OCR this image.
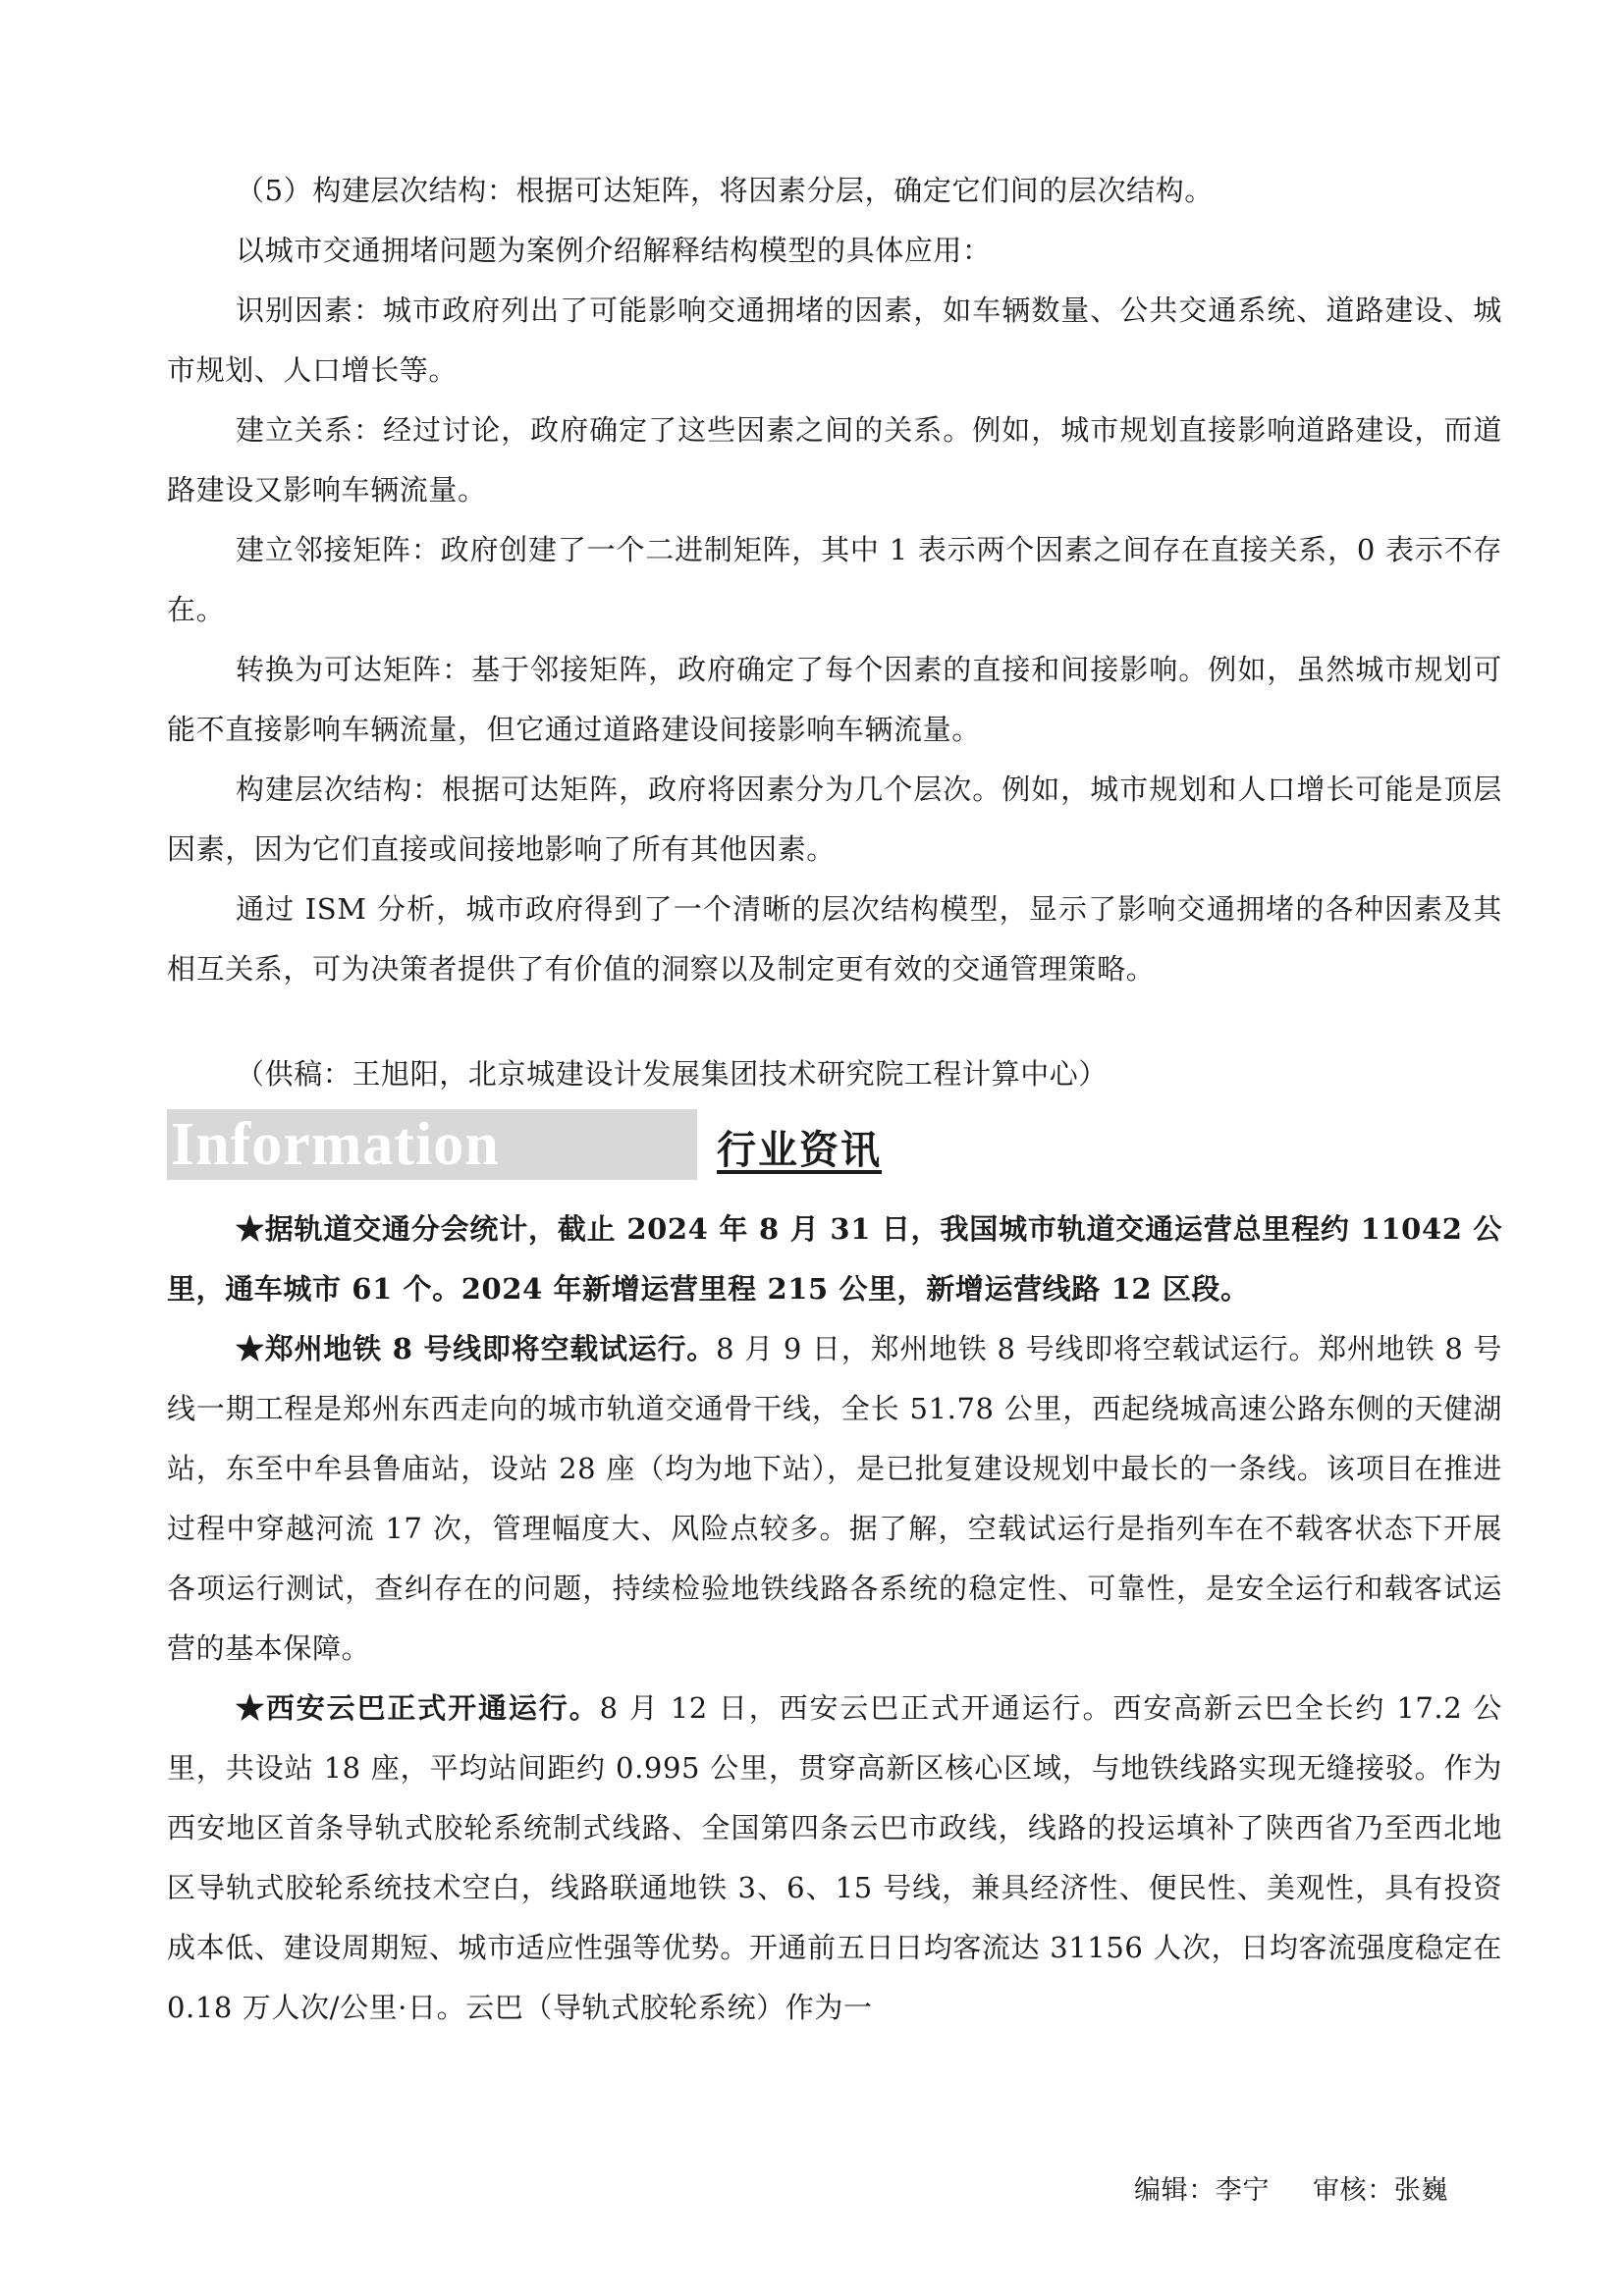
（5）构建层次结构：根据可达矩阵，将因素分层，确定它们间的层次结构。

以城市交通拥堵问题为案例介绍解释结构模型的具体应用：

识别因素：城市政府列出了可能影响交通拥堵的因素，如车辆数量、公共交通系统、道路建设、城市规划、人口增长等。

建立关系：经过讨论，政府确定了这些因素之间的关系。例如，城市规划直接影响道路建设，而道路建设又影响车辆流量。

建立邻接矩阵：政府创建了一个二进制矩阵，其中 1 表示两个因素之间存在直接关系，0 表示不存在。

转换为可达矩阵：基于邻接矩阵，政府确定了每个因素的直接和间接影响。例如，虽然城市规划可能不直接影响车辆流量，但它通过道路建设间接影响车辆流量。

构建层次结构：根据可达矩阵，政府将因素分为几个层次。例如，城市规划和人口增长可能是顶层因素，因为它们直接或间接地影响了所有其他因素。

通过 ISM 分析，城市政府得到了一个清晰的层次结构模型，显示了影响交通拥堵的各种因素及其相互关系，可为决策者提供了有价值的洞察以及制定更有效的交通管理策略。

（供稿：王旭阳，北京城建设计发展集团技术研究院工程计算中心）
Information	行业资讯

★据轨道交通分会统计，截止 2024 年 8 月 31 日，我国城市轨道交通运营总里程约 11042 公里，通车城市 61 个。2024 年新增运营里程 215 公里，新增运营线路 12 区段。

★郑州地铁 8 号线即将空载试运行。8 月 9 日，郑州地铁 8 号线即将空载试运行。郑州地铁 8 号线一期工程是郑州东西走向的城市轨道交通骨干线，全长 51.78 公里，西起绕城高速公路东侧的天健湖站，东至中牟县鲁庙站，设站 28 座（均为地下站），是已批复建设规划中最长的一条线。该项目在推进过程中穿越河流 17 次，管理幅度大、风险点较多。据了解，空载试运行是指列车在不载客状态下开展各项运行测试，查纠存在的问题，持续检验地铁线路各系统的稳定性、可靠性，是安全运行和载客试运营的基本保障。

★西安云巴正式开通运行。8 月 12 日，西安云巴正式开通运行。西安高新云巴全长约 17.2 公里，共设站 18 座，平均站间距约 0.995 公里，贯穿高新区核心区域，与地铁线路实现无缝接驳。作为西安地区首条导轨式胶轮系统制式线路、全国第四条云巴市政线，线路的投运填补了陕西省乃至西北地区导轨式胶轮系统技术空白，线路联通地铁 3、6、15 号线，兼具经济性、便民性、美观性，具有投资成本低、建设周期短、城市适应性强等优势。开通前五日日均客流达 31156 人次，日均客流强度稳定在 0.18 万人次/公里·日。云巴（导轨式胶轮系统）作为一

编辑：李宁 审核：张巍
